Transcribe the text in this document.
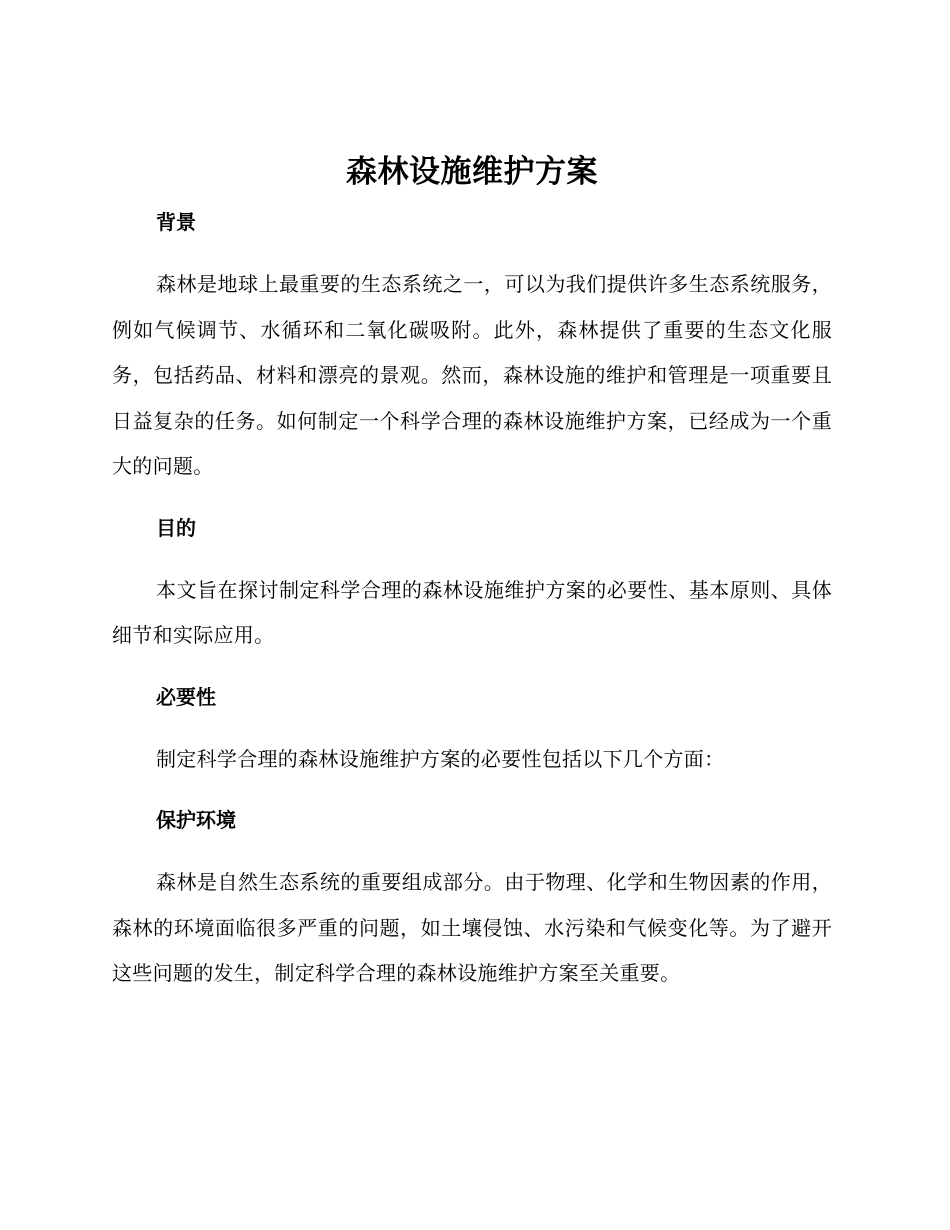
森林设施维护方案
背景

森林是地球上最重要的生态系统之一，可以为我们提供许多生态系统服务，例如气候调节、水循环和二氧化碳吸附。此外，森林提供了重要的生态文化服务，包括药品、材料和漂亮的景观。然而，森林设施的维护和管理是一项重要且日益复杂的任务。如何制定一个科学合理的森林设施维护方案，已经成为一个重大的问题。

目的

本文旨在探讨制定科学合理的森林设施维护方案的必要性、基本原则、具体细节和实际应用。

必要性

制定科学合理的森林设施维护方案的必要性包括以下几个方面：

保护环境

森林是自然生态系统的重要组成部分。由于物理、化学和生物因素的作用，森林的环境面临很多严重的问题，如土壤侵蚀、水污染和气候变化等。为了避开这些问题的发生，制定科学合理的森林设施维护方案至关重要。
